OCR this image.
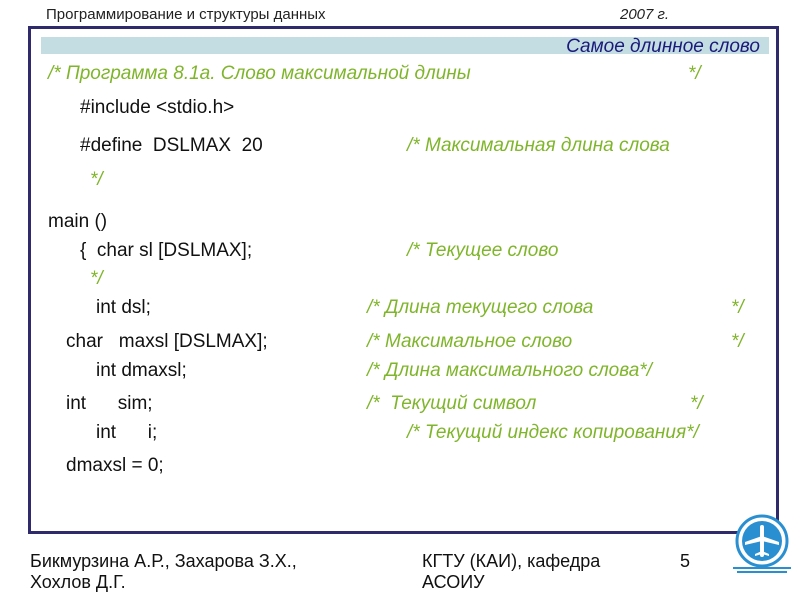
Программирование и структуры данных	2007 г.
Самое длинное слово
/* Программа 8.1а. Слово максимальной длины	*/
#include <stdio.h>
#define  DSLMAX  20	/* Максимальная длина слова
*/
main ()
{  char sl [DSLMAX];	/* Текущее слово
*/
int dsl;	/* Длина текущего слова	*/
char   maxsl [DSLMAX];	/* Максимальное слово	*/
int dmaxsl;	/* Длина максимального слова*/
int      sim;	/*  Текущий символ	*/
int      i;	/* Текущий индекс копирования*/
dmaxsl = 0;
Бикмурзина А.Р., Захарова З.Х.,
Хохлов Д.Г.
КГТУ (КАИ), кафедра
АСОИУ
5
